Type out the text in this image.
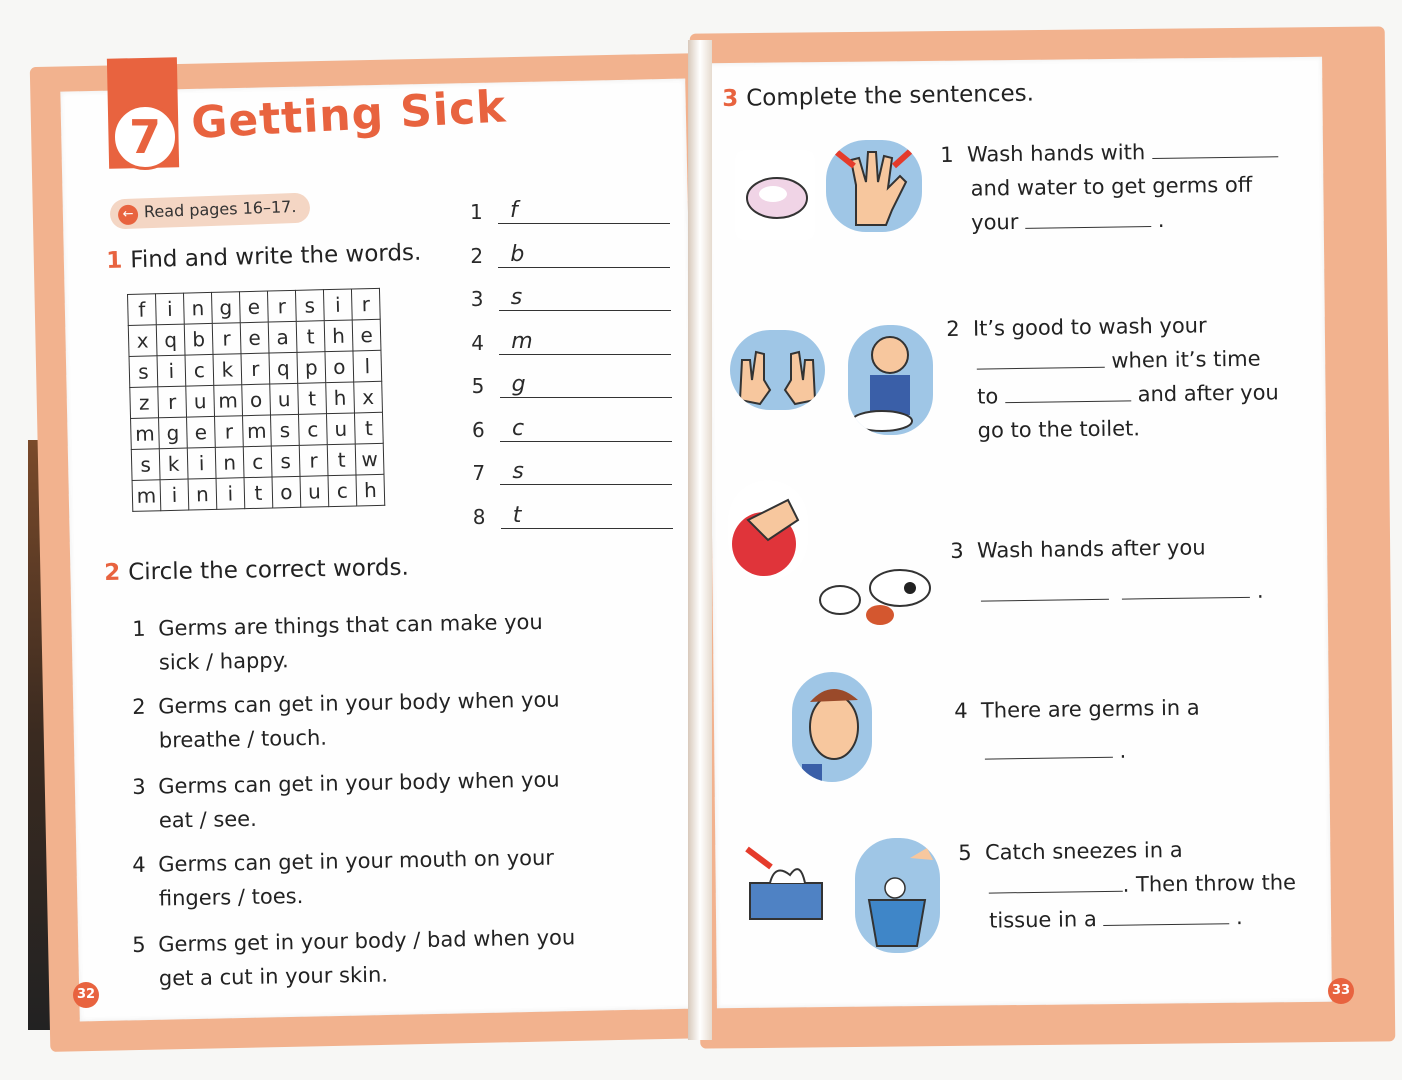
7 Getting Sick
← Read pages 16–17.
1 Find and write the words.
f	i	n	g	e	r	s	i	r
x	q	b	r	e	a	t	h	e
s	i	c	k	r	q	p	o	l
z	r	u	m	o	u	t	h	x
m	g	e	r	m	s	c	u	t
s	k	i	n	c	s	r	t	w
m	i	n	i	t	o	u	c	h
1	f
2	b
3	s
4	m
5	g
6	c
7	s
8	t
2 Circle the correct words.
1 Germs are things that can make you
sick / happy.
2 Germs can get in your body when you
breathe / touch.
3 Germs can get in your body when you
eat / see.
4 Germs can get in your mouth on your
fingers / toes.
5 Germs get in your body / bad when you
get a cut in your skin.
32
3 Complete the sentences.
1 Wash hands with
and water to get germs off
your	.
2 It’s good to wash your
when it’s time
to	and after you
go to the toilet.
3 Wash hands after you
.
4 There are germs in a
.
5 Catch sneezes in a
. Then throw the
tissue in a	.
33
